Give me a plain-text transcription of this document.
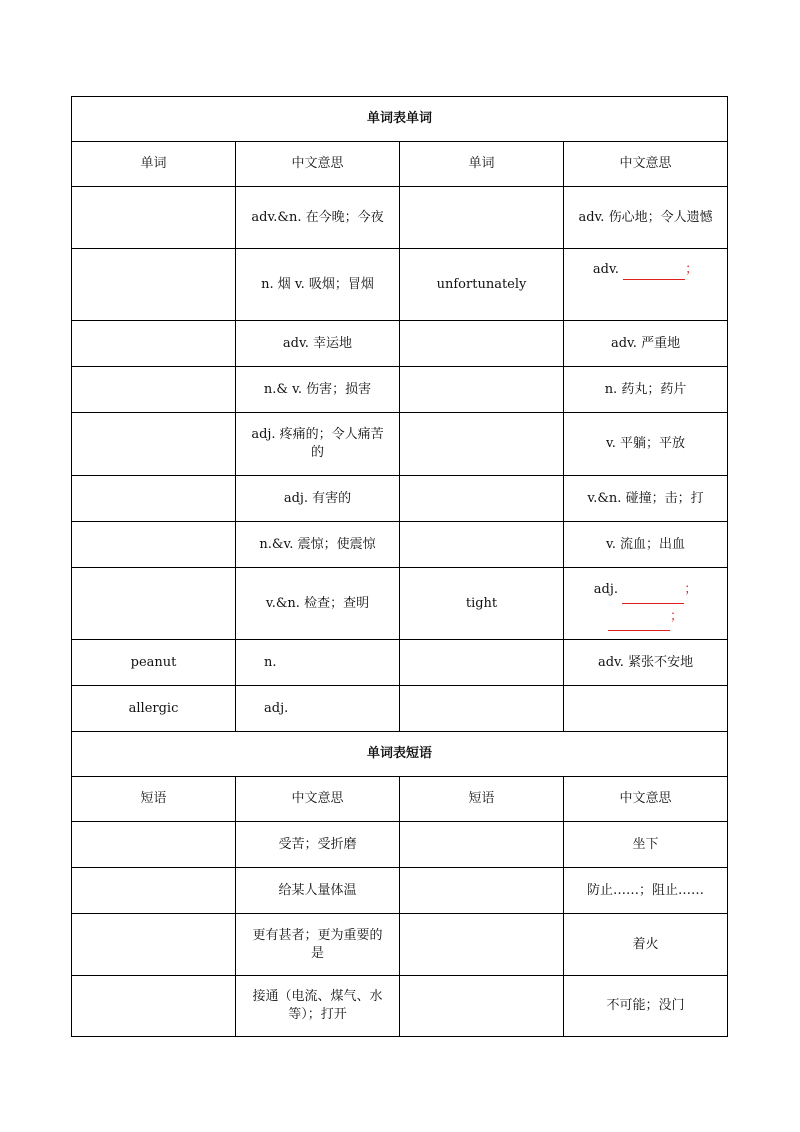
单词表单词			
单词	中文意思	单词	中文意思
	adv.&n. 在今晚；今夜		adv. 伤心地；令人遗憾
	n. 烟 v. 吸烟；冒烟	unfortunately	adv. ；
	adv. 幸运地		adv. 严重地
	n.& v. 伤害；损害		n. 药丸；药片
	adj. 疼痛的；令人痛苦的		v. 平躺；平放
	adj. 有害的		v.&n. 碰撞；击；打
	n.&v. 震惊；使震惊		v. 流血；出血
	v.&n. 检查；查明	tight	adj. ；
；
peanut	n.		adv. 紧张不安地
allergic	adj.		
单词表短语			
短语	中文意思	短语	中文意思
	受苦；受折磨		坐下
	给某人量体温		防止……；阻止……
	更有甚者；更为重要的是		着火
	接通（电流、煤气、水等）；打开		不可能；没门
